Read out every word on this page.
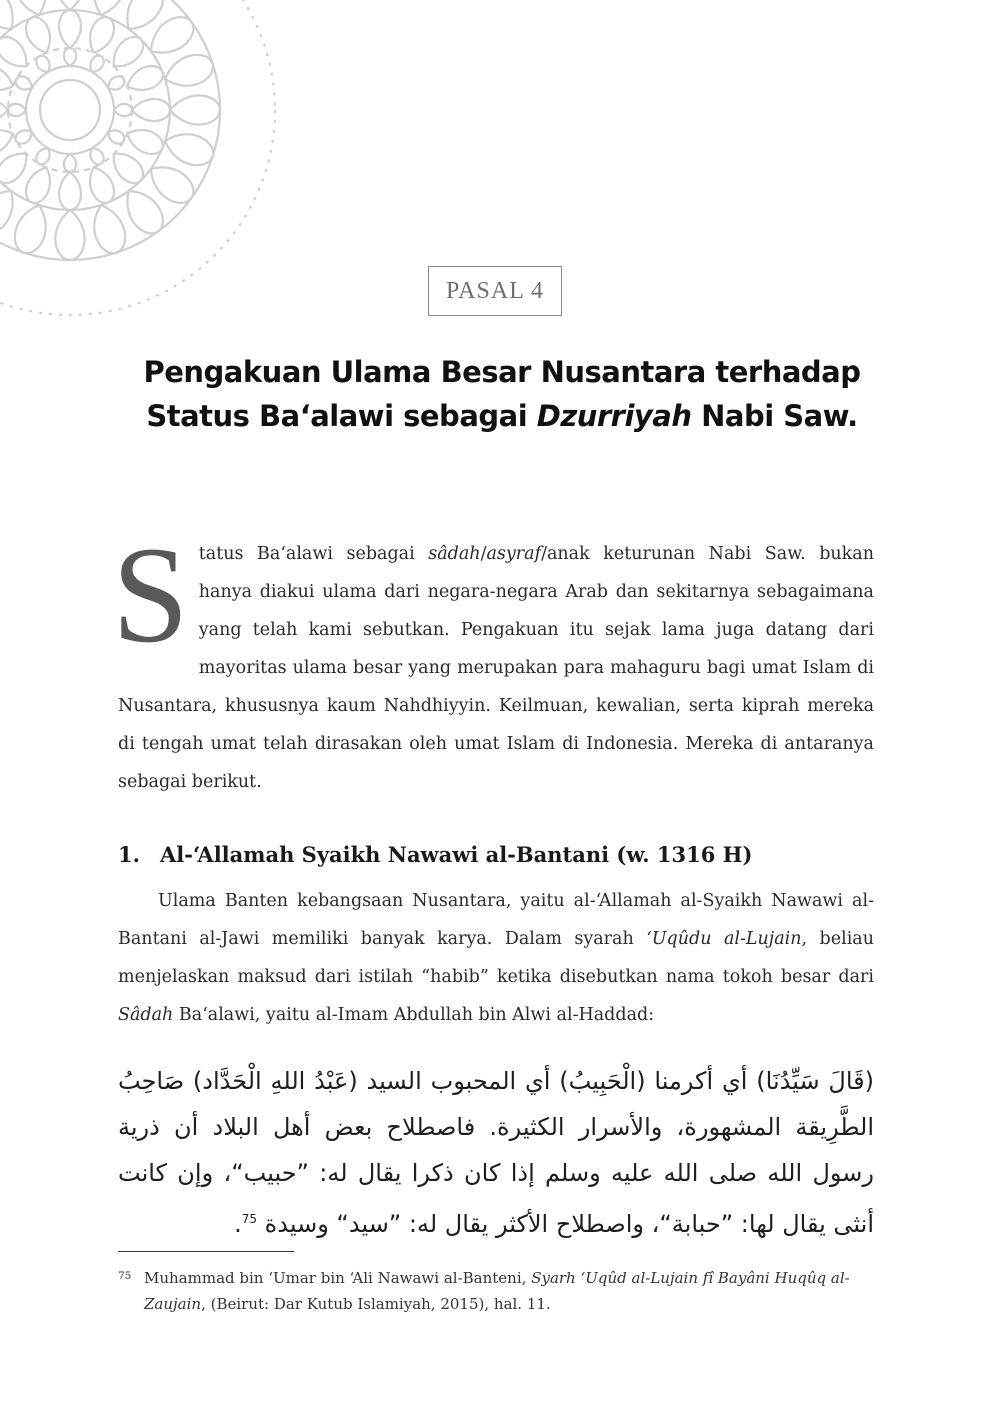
PASAL 4
Pengakuan Ulama Besar Nusantara terhadap
Status Ba‘alawi sebagai Dzurriyah Nabi Saw.
Status Ba‘alawi sebagai sâdah/asyraf/anak keturunan Nabi Saw. bukan hanya diakui ulama dari negara-negara Arab dan sekitarnya sebagaimana yang telah kami sebutkan. Pengakuan itu sejak lama juga datang dari mayoritas ulama besar yang merupakan para mahaguru bagi umat Islam di Nusantara, khususnya kaum Nahdhiyyin. Keilmuan, kewalian, serta kiprah mereka di tengah umat telah dirasakan oleh umat Islam di Indonesia. Mereka di antaranya sebagai berikut.
1. Al-‘Allamah Syaikh Nawawi al-Bantani (w. 1316 H)
Ulama Banten kebangsaan Nusantara, yaitu al-‘Allamah al-Syaikh Nawawi al-Bantani al-Jawi memiliki banyak karya. Dalam syarah ‘Uqûdu al-Lujain, beliau menjelaskan maksud dari istilah “habib” ketika disebutkan nama tokoh besar dari Sâdah Ba‘alawi, yaitu al-Imam Abdullah bin Alwi al-Haddad:
(قَالَ سَيِّدُنَا) أي أكرمنا (الْحَبِيبُ) أي المحبوب السيد (عَبْدُ اللهِ الْحَدَّاد) صَاحِبُ الطَّرِيقة المشهورة، والأسرار الكثيرة. فاصطلاح بعض أهل البلاد أن ذرية رسول الله صلى الله عليه وسلم إذا كان ذكرا يقال له: ”حبيب“، وإن كانت أنثى يقال لها: ”حبابة“، واصطلاح الأكثر يقال له: ”سيد“ وسيدة $^{75}$.
75 Muhammad bin ‘Umar bin ‘Ali Nawawi al-Banteni, Syarh ‘Uqûd al-Lujain fî Bayâni Huqûq al-Zaujain, (Beirut: Dar Kutub Islamiyah, 2015), hal. 11.
